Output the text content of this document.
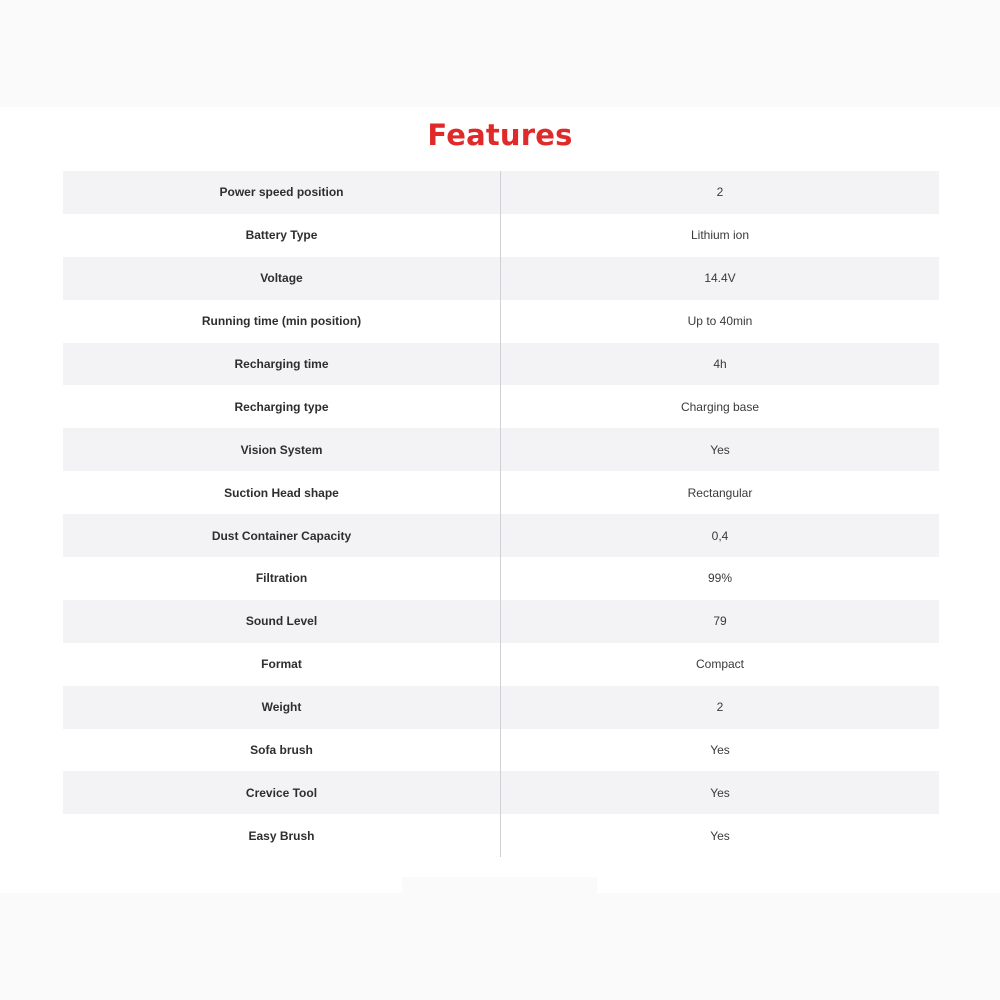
Features
Power speed position	2
Battery Type	Lithium ion
Voltage	14.4V
Running time (min position)	Up to 40min
Recharging time	4h
Recharging type	Charging base
Vision System	Yes
Suction Head shape	Rectangular
Dust Container Capacity	0,4
Filtration	99%
Sound Level	79
Format	Compact
Weight	2
Sofa brush	Yes
Crevice Tool	Yes
Easy Brush	Yes
